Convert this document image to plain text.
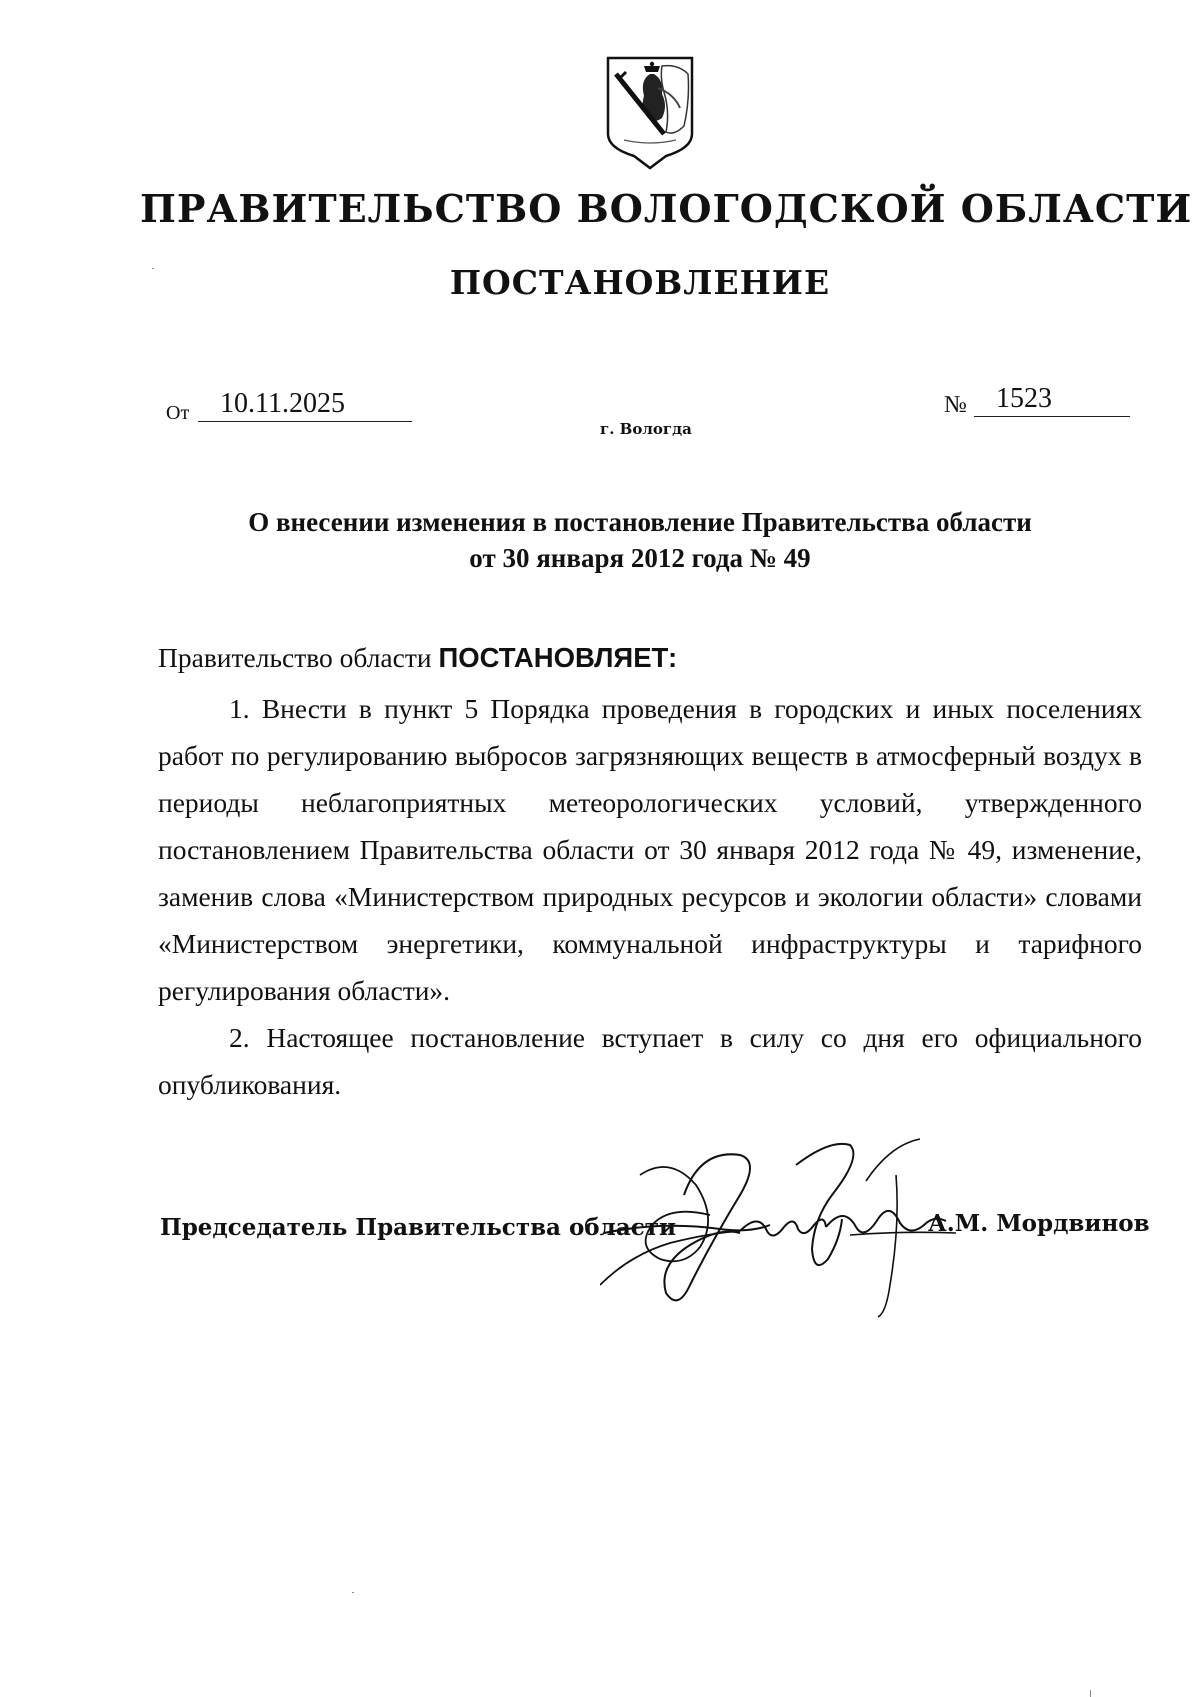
ПРАВИТЕЛЬСТВО ВОЛОГОДСКОЙ ОБЛАСТИ
ПОСТАНОВЛЕНИЕ
От	10.11.2025	№	1523
г. Вологда
О внесении изменения в постановление Правительства области
от 30 января 2012 года № 49

Правительство области ПОСТАНОВЛЯЕТ:

1. Внести в пункт 5 Порядка проведения в городских и иных поселениях работ по регулированию выбросов загрязняющих веществ в атмосферный воздух в периоды неблагоприятных метеорологических условий, утвержденного постановлением Правительства области от 30 января 2012 года № 49, изменение, заменив слова «Министерством природных ресурсов и экологии области» словами «Министерством энергетики, коммунальной инфраструктуры и тарифного регулирования области».

2. Настоящее постановление вступает в силу со дня его официального опубликования.

Председатель Правительства области	А.М. Мордвинов
